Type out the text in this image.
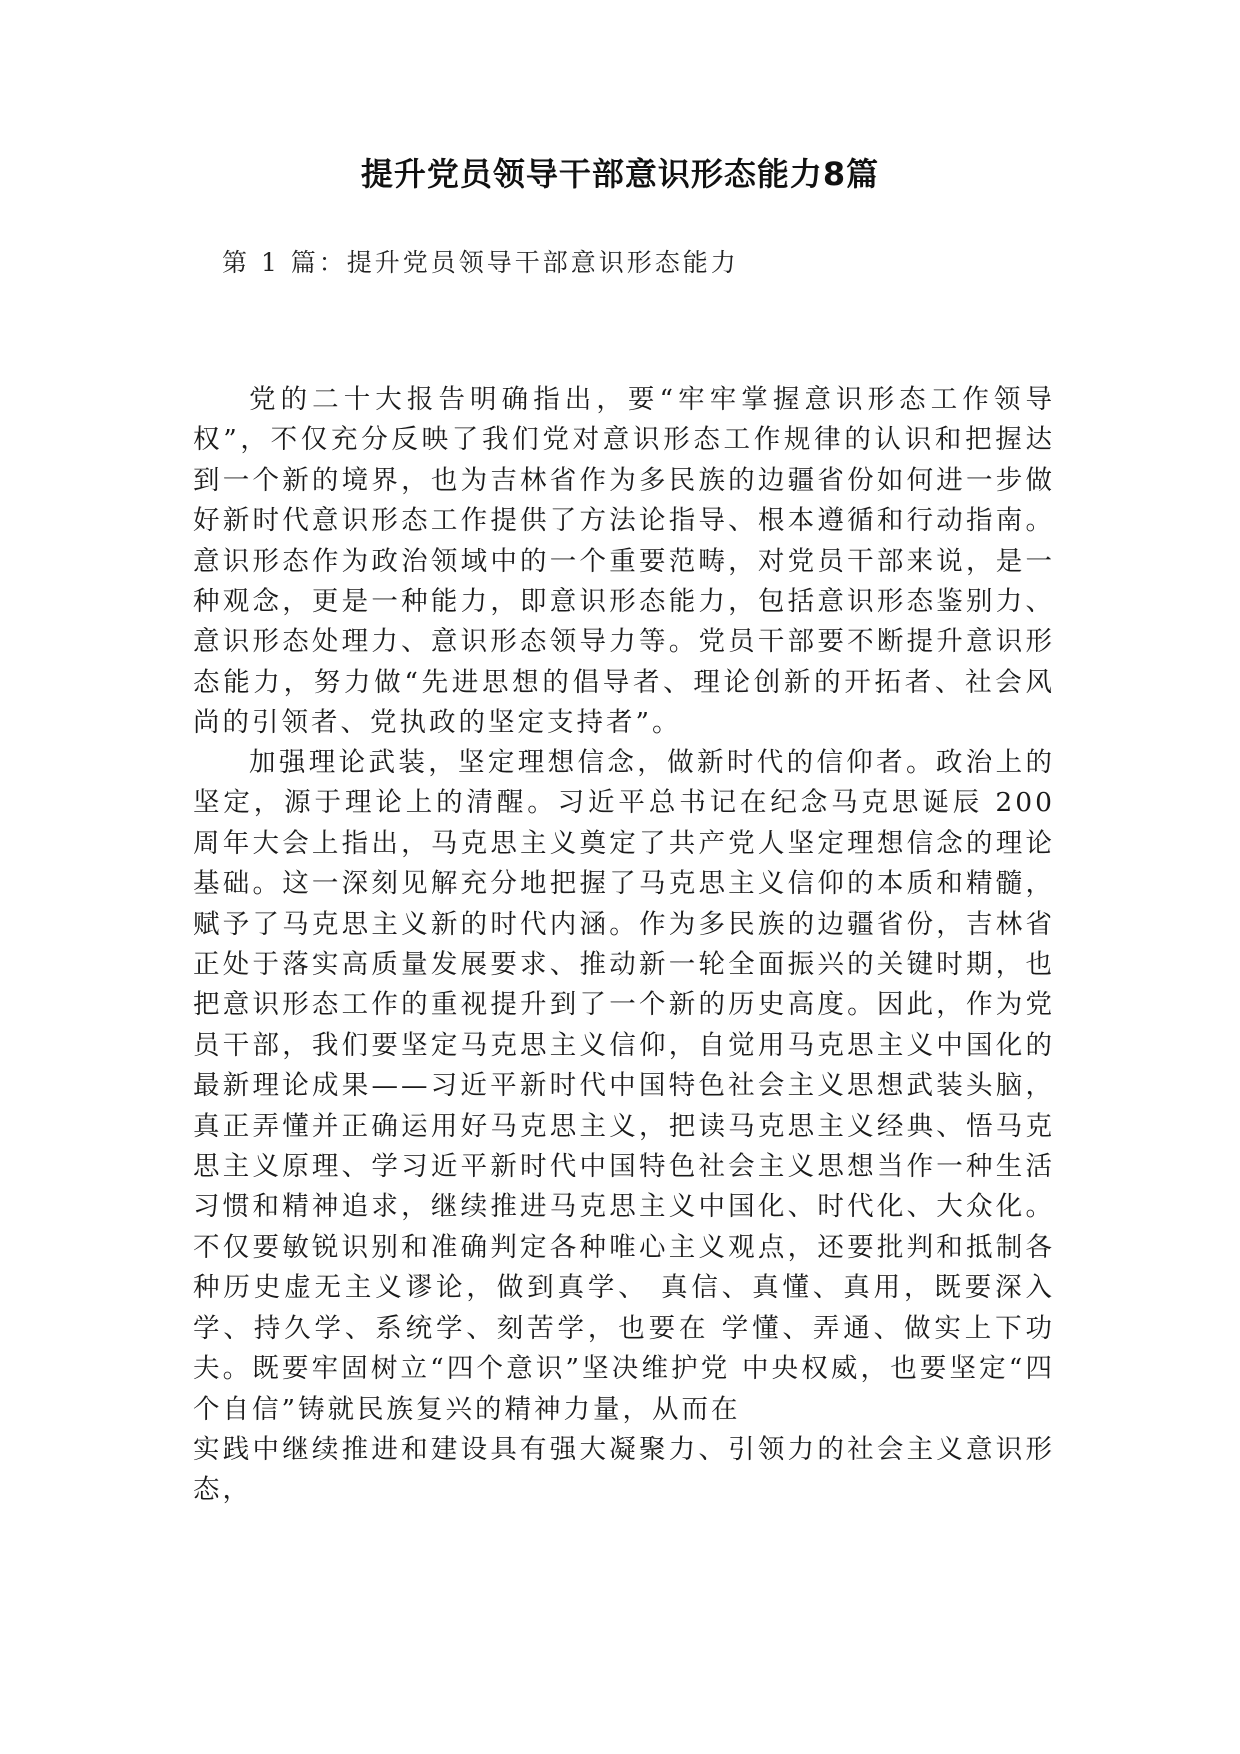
提升党员领导干部意识形态能力8篇
第 1 篇：提升党员领导干部意识形态能力

党的二十大报告明确指出，要“牢牢掌握意识形态工作领导权”，不仅充分反映了我们党对意识形态工作规律的认识和把握达到一个新的境界，也为吉林省作为多民族的边疆省份如何进一步做好新时代意识形态工作提供了方法论指导、根本遵循和行动指南。意识形态作为政治领域中的一个重要范畴，对党员干部来说，是一种观念，更是一种能力，即意识形态能力，包括意识形态鉴别力、意识形态处理力、意识形态领导力等。党员干部要不断提升意识形态能力，努力做“先进思想的倡导者、理论创新的开拓者、社会风尚的引领者、党执政的坚定支持者”。

加强理论武装，坚定理想信念，做新时代的信仰者。政治上的坚定，源于理论上的清醒。习近平总书记在纪念马克思诞辰 200 周年大会上指出，马克思主义奠定了共产党人坚定理想信念的理论基础。这一深刻见解充分地把握了马克思主义信仰的本质和精髓，赋予了马克思主义新的时代内涵。作为多民族的边疆省份，吉林省正处于落实高质量发展要求、推动新一轮全面振兴的关键时期，也把意识形态工作的重视提升到了一个新的历史高度。因此，作为党员干部，我们要坚定马克思主义信仰，自觉用马克思主义中国化的最新理论成果——习近平新时代中国特色社会主义思想武装头脑，真正弄懂并正确运用好马克思主义，把读马克思主义经典、悟马克思主义原理、学习近平新时代中国特色社会主义思想当作一种生活习惯和精神追求，继续推进马克思主义中国化、时代化、大众化。不仅要敏锐识别和准确判定各种唯心主义观点，还要批判和抵制各种历史虚无主义谬论，做到真学、 真信、真懂、真用，既要深入学、持久学、系统学、刻苦学，也要在 学懂、弄通、做实上下功夫。既要牢固树立“四个意识”坚决维护党 中央权威，也要坚定“四个自信”铸就民族复兴的精神力量，从而在

实践中继续推进和建设具有强大凝聚力、引领力的社会主义意识形态，
